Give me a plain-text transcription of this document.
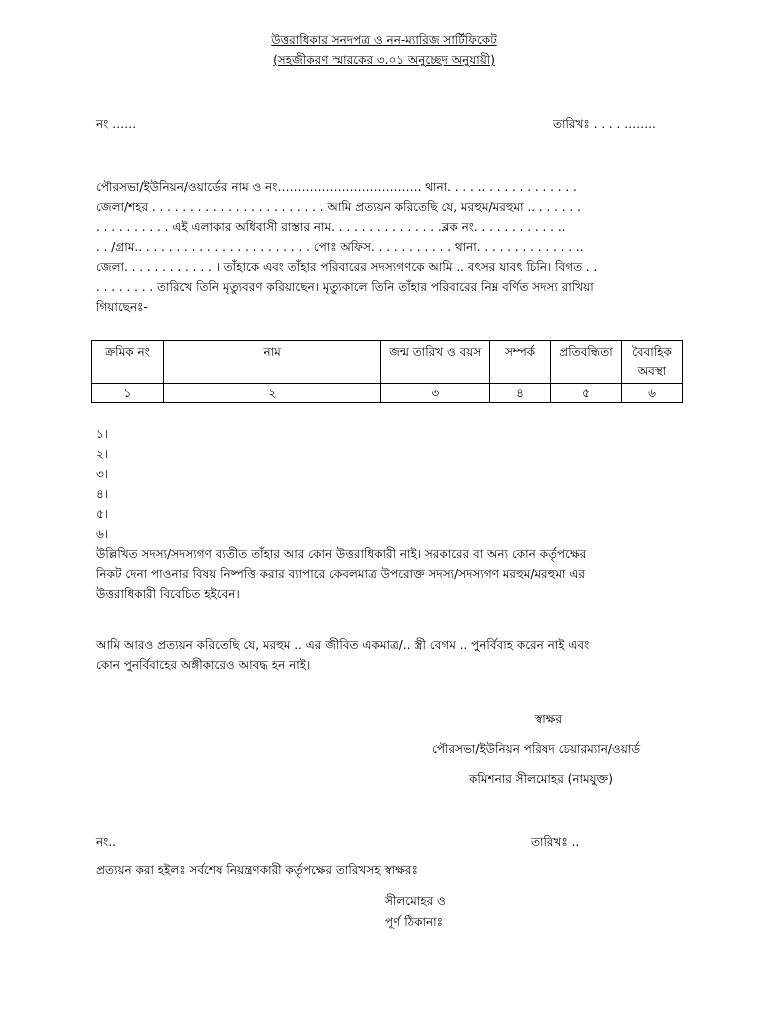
উত্তরাধিকার সনদপত্র ও নন-ম্যারিজ সার্টিফিকেট
(সহজীকরণ স্মারকের ৩.০১ অনুচ্ছেদ অনুযায়ী)
নং ……	তারিখঃ . . . . ……..
পৌরসভা/ইউনিয়ন/ওয়ার্ডের নাম ও নং……………………………… থানা. . . . .. . . . . . . . . . . . .
জেলা/শহর . . . . . . . . . . . . . . . . . . . . . . . আমি প্রত্যয়ন করিতেছি যে, মরহুম/মরহুমা .. . . . . . .
. . . . . . . . . . এই এলাকার অধিবাসী রাস্তার নাম. . . . . . . . . . . . . . .ব্লক নং. . . . . . . . . . . ..
. . /গ্রাম.. . . . . . . . . . . . . . . . . . . . . . . পোঃ অফিস. . . . . . . . . . . থানা. . . . . . . . . . . . . ..
জেলা. . . . . . . . . . . . । তাঁহাকে এবং তাঁহার পরিবারের সদস্যগণকে আমি .. বৎসর যাবৎ চিনি। বিগত . .
. . . . . . . . তারিখে তিনি মৃত্যুবরণ করিয়াছেন। মৃত্যুকালে তিনি তাঁহার পরিবারের নিম্ন বর্ণিত সদস্য রাখিয়া
গিয়াছেনঃ-
ক্রমিক নং	নাম	জন্ম তারিখ ও বয়স	সম্পর্ক	প্রতিবন্ধিতা	বৈবাহিক অবস্থা
১	২	৩	৪	৫	৬
১।
২।
৩।
৪।
৫।
৬।
উল্লিখিত সদস্য/সদস্যগণ ব্যতীত তাঁহার আর কোন উত্তরাধিকারী নাই। সরকারের বা অন্য কোন কর্তৃপক্ষের
নিকট দেনা পাওনার বিষয় নিষ্পত্তি করার ব্যাপারে কেবলমাত্র উপরোক্ত সদস্য/সদস্যগণ মরহুম/মরহুমা এর
উত্তরাধিকারী বিবেচিত হইবেন।
আমি আরও প্রত্যয়ন করিতেছি যে, মরহুম .. এর জীবিত একমাত্র/.. স্ত্রী বেগম .. পুনর্বিবাহ করেন নাই এবং
কোন পুনর্বিবাহের অঙ্গীকারেও আবদ্ধ হন নাই।
স্বাক্ষর
পৌরসভা/ইউনিয়ন পরিষদ চেয়ারম্যান/ওয়ার্ড
কমিশনার সীলমোহর (নামযুক্ত)
নং..	তারিখঃ ..
প্রত্যয়ন করা হইলঃ সর্বশেষ নিয়ন্ত্রণকারী কর্তৃপক্ষের তারিখসহ স্বাক্ষরঃ
সীলমোহর ও
পূর্ণ ঠিকানাঃ
